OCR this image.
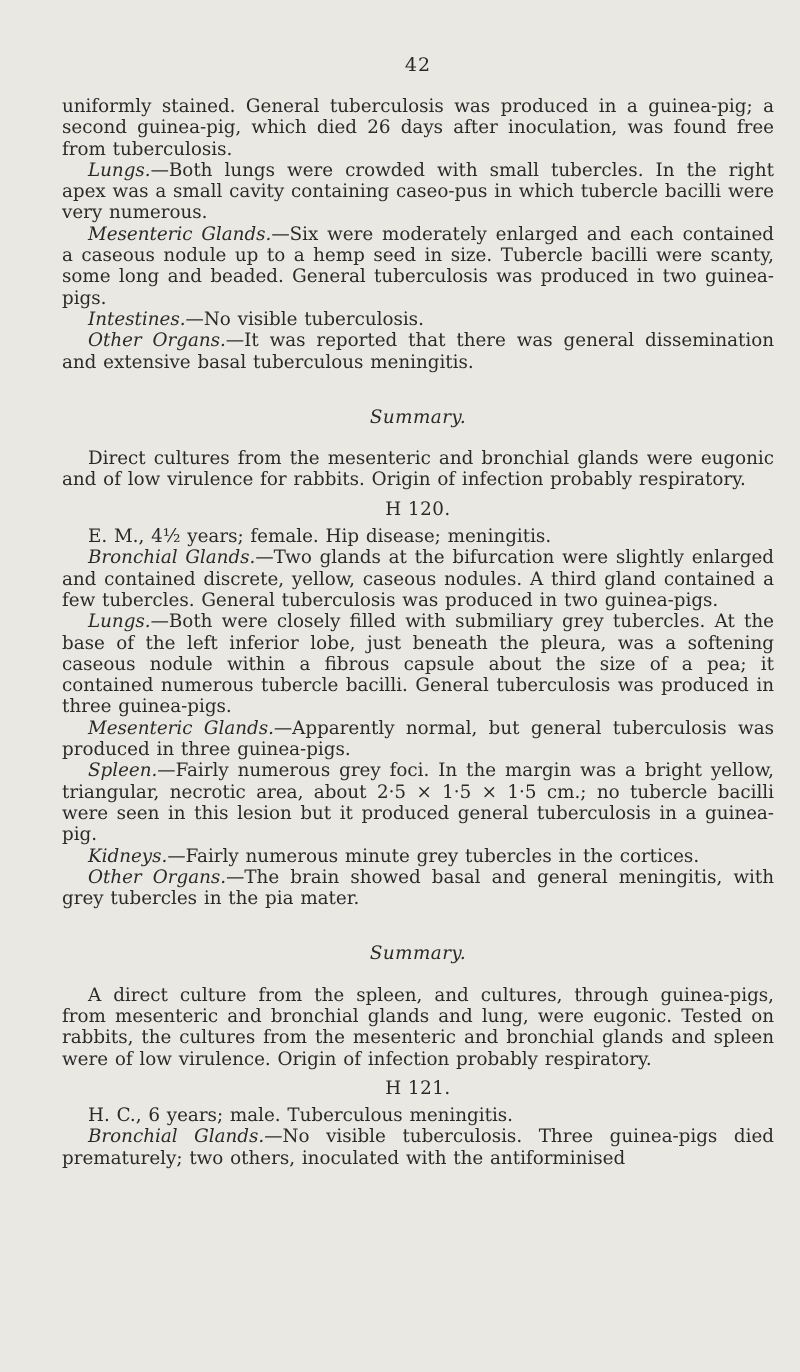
42

uniformly stained. General tuberculosis was produced in a guinea-pig; a second guinea-pig, which died 26 days after inoculation, was found free from tuberculosis.

Lungs.—Both lungs were crowded with small tubercles. In the right apex was a small cavity containing caseo-pus in which tubercle bacilli were very numerous.

Mesenteric Glands.—Six were moderately enlarged and each contained a caseous nodule up to a hemp seed in size. Tubercle bacilli were scanty, some long and beaded. General tuberculosis was produced in two guinea-pigs.

Intestines.—No visible tuberculosis.

Other Organs.—It was reported that there was general dissemination and extensive basal tuberculous meningitis.

Summary.

Direct cultures from the mesenteric and bronchial glands were eugonic and of low virulence for rabbits. Origin of infection probably respiratory.

H 120.

E. M., 4½ years; female. Hip disease; meningitis.

Bronchial Glands.—Two glands at the bifurcation were slightly enlarged and contained discrete, yellow, caseous nodules. A third gland contained a few tubercles. General tuberculosis was produced in two guinea-pigs.

Lungs.—Both were closely filled with submiliary grey tubercles. At the base of the left inferior lobe, just beneath the pleura, was a softening caseous nodule within a fibrous capsule about the size of a pea; it contained numerous tubercle bacilli. General tuberculosis was produced in three guinea-pigs.

Mesenteric Glands.—Apparently normal, but general tuberculosis was produced in three guinea-pigs.

Spleen.—Fairly numerous grey foci. In the margin was a bright yellow, triangular, necrotic area, about 2·5 × 1·5 × 1·5 cm.; no tubercle bacilli were seen in this lesion but it produced general tuberculosis in a guinea-pig.

Kidneys.—Fairly numerous minute grey tubercles in the cortices.

Other Organs.—The brain showed basal and general meningitis, with grey tubercles in the pia mater.

Summary.

A direct culture from the spleen, and cultures, through guinea-pigs, from mesenteric and bronchial glands and lung, were eugonic. Tested on rabbits, the cultures from the mesenteric and bronchial glands and spleen were of low virulence. Origin of infection probably respiratory.

H 121.

H. C., 6 years; male. Tuberculous meningitis.

Bronchial Glands.—No visible tuberculosis. Three guinea-pigs died prematurely; two others, inoculated with the antiforminised
